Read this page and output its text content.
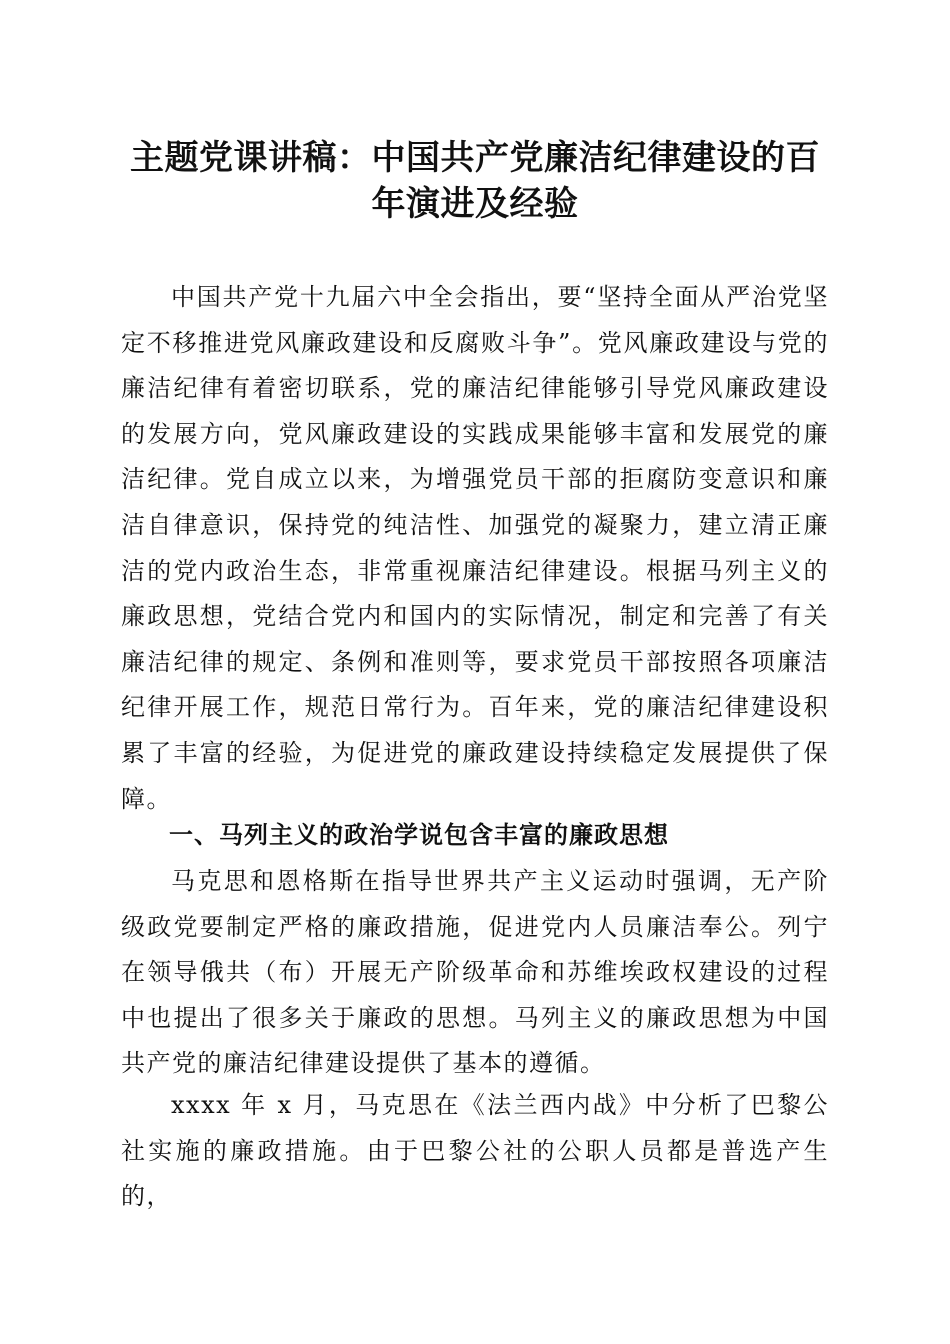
主题党课讲稿：中国共产党廉洁纪律建设的百
年演进及经验

中国共产党十九届六中全会指出，要“坚持全面从严治党坚定不移推进党风廉政建设和反腐败斗争”。党风廉政建设与党的廉洁纪律有着密切联系，党的廉洁纪律能够引导党风廉政建设的发展方向，党风廉政建设的实践成果能够丰富和发展党的廉洁纪律。党自成立以来，为增强党员干部的拒腐防变意识和廉洁自律意识，保持党的纯洁性、加强党的凝聚力，建立清正廉洁的党内政治生态，非常重视廉洁纪律建设。根据马列主义的廉政思想，党结合党内和国内的实际情况，制定和完善了有关廉洁纪律的规定、条例和准则等，要求党员干部按照各项廉洁纪律开展工作，规范日常行为。百年来，党的廉洁纪律建设积累了丰富的经验，为促进党的廉政建设持续稳定发展提供了保障。

一、马列主义的政治学说包含丰富的廉政思想

马克思和恩格斯在指导世界共产主义运动时强调，无产阶级政党要制定严格的廉政措施，促进党内人员廉洁奉公。列宁在领导俄共（布）开展无产阶级革命和苏维埃政权建设的过程中也提出了很多关于廉政的思想。马列主义的廉政思想为中国共产党的廉洁纪律建设提供了基本的遵循。

xxxx 年 x 月，马克思在《法兰西内战》中分析了巴黎公社实施的廉政措施。由于巴黎公社的公职人员都是普选产生的，
